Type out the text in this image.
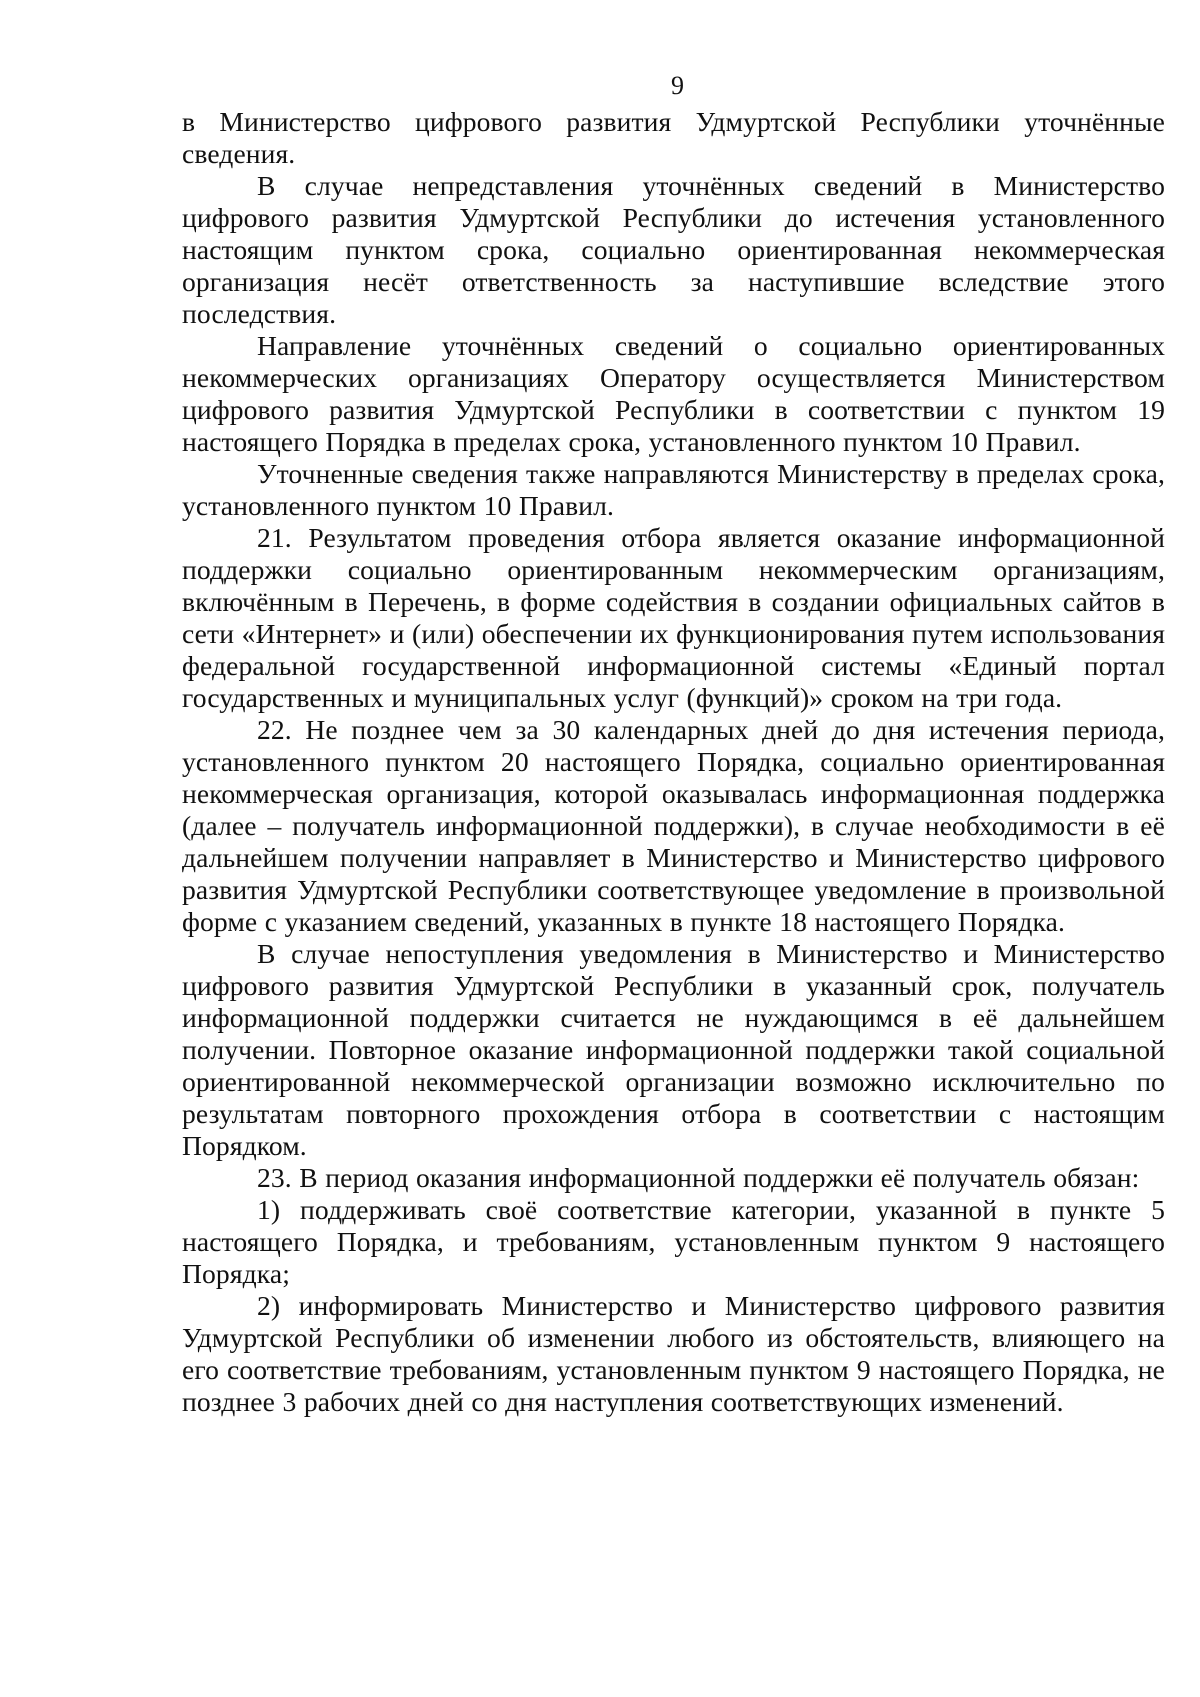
9

в Министерство цифрового развития Удмуртской Республики уточнённые сведения.

В случае непредставления уточнённых сведений в Министерство цифрового развития Удмуртской Республики до истечения установленного настоящим пунктом срока, социально ориентированная некоммерческая организация несёт ответственность за наступившие вследствие этого последствия.

Направление уточнённых сведений о социально ориентированных некоммерческих организациях Оператору осуществляется Министерством цифрового развития Удмуртской Республики в соответствии с пунктом 19 настоящего Порядка в пределах срока, установленного пунктом 10 Правил.

Уточненные сведения также направляются Министерству в пределах срока, установленного пунктом 10 Правил.

21. Результатом проведения отбора является оказание информационной поддержки социально ориентированным некоммерческим организациям, включённым в Перечень, в форме содействия в создании официальных сайтов в сети «Интернет» и (или) обеспечении их функционирования путем использования федеральной государственной информационной системы «Единый портал государственных и муниципальных услуг (функций)» сроком на три года.

22. Не позднее чем за 30 календарных дней до дня истечения периода, установленного пунктом 20 настоящего Порядка, социально ориентированная некоммерческая организация, которой оказывалась информационная поддержка (далее – получатель информационной поддержки), в случае необходимости в её дальнейшем получении направляет в Министерство и Министерство цифрового развития Удмуртской Республики соответствующее уведомление в произвольной форме с указанием сведений, указанных в пункте 18 настоящего Порядка.

В случае непоступления уведомления в Министерство и Министерство цифрового развития Удмуртской Республики в указанный срок, получатель информационной поддержки считается не нуждающимся в её дальнейшем получении. Повторное оказание информационной поддержки такой социальной ориентированной некоммерческой организации возможно исключительно по результатам повторного прохождения отбора в соответствии с настоящим Порядком.

23. В период оказания информационной поддержки её получатель обязан:

1) поддерживать своё соответствие категории, указанной в пункте 5 настоящего Порядка, и требованиям, установленным пунктом 9 настоящего Порядка;

2) информировать Министерство и Министерство цифрового развития Удмуртской Республики об изменении любого из обстоятельств, влияющего на его соответствие требованиям, установленным пунктом 9 настоящего Порядка, не позднее 3 рабочих дней со дня наступления соответствующих изменений.
